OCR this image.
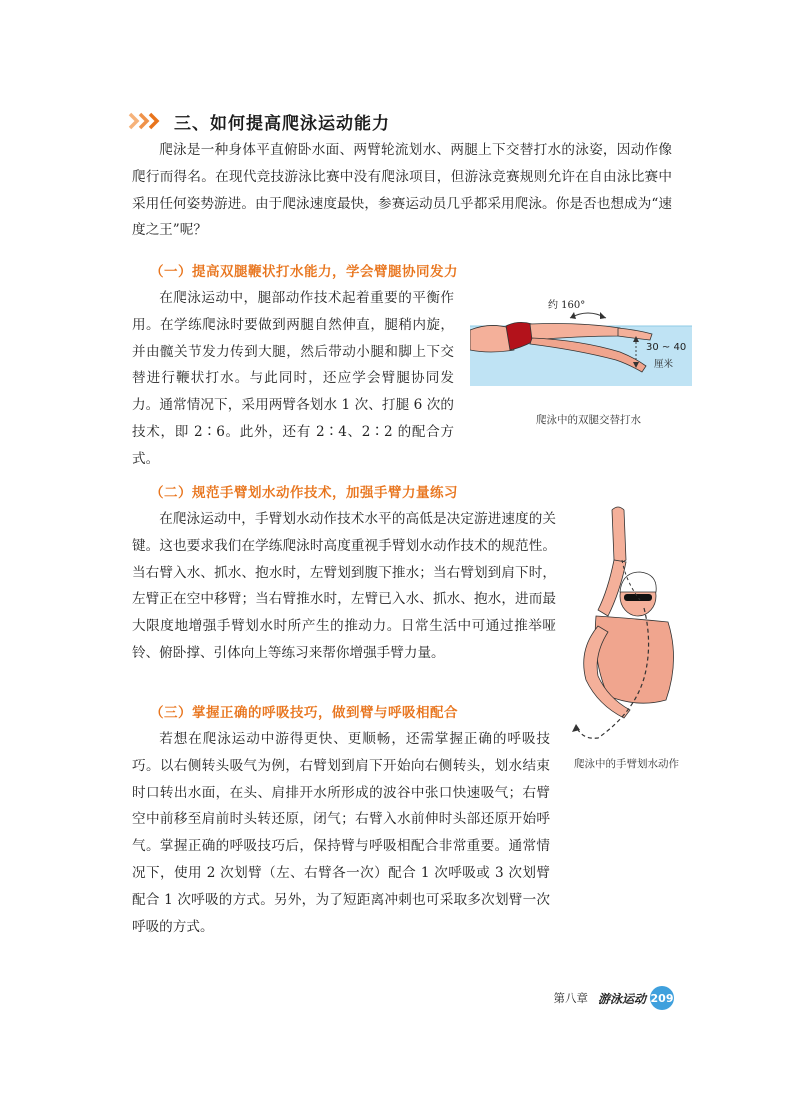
三、如何提高爬泳运动能力

爬泳是一种身体平直俯卧水面、两臂轮流划水、两腿上下交替打水的泳姿，因动作像爬行而得名。在现代竞技游泳比赛中没有爬泳项目，但游泳竞赛规则允许在自由泳比赛中采用任何姿势游进。由于爬泳速度最快，参赛运动员几乎都采用爬泳。你是否也想成为“速度之王”呢？

（一）提高双腿鞭状打水能力，学会臂腿协同发力

在爬泳运动中，腿部动作技术起着重要的平衡作用。在学练爬泳时要做到两腿自然伸直，腿稍内旋，并由髋关节发力传到大腿，然后带动小腿和脚上下交替进行鞭状打水。与此同时，还应学会臂腿协同发力。通常情况下，采用两臂各划水 1 次、打腿 6 次的技术，即 2∶6。此外，还有 2∶4、2∶2 的配合方式。

约 160°
30 ~ 40
厘米
爬泳中的双腿交替打水
（二）规范手臂划水动作技术，加强手臂力量练习

在爬泳运动中，手臂划水动作技术水平的高低是决定游进速度的关键。这也要求我们在学练爬泳时高度重视手臂划水动作技术的规范性。当右臂入水、抓水、抱水时，左臂划到腹下推水；当右臂划到肩下时，左臂正在空中移臂；当右臂推水时，左臂已入水、抓水、抱水，进而最大限度地增强手臂划水时所产生的推动力。日常生活中可通过推举哑铃、俯卧撑、引体向上等练习来帮你增强手臂力量。

爬泳中的手臂划水动作
（三）掌握正确的呼吸技巧，做到臂与呼吸相配合

若想在爬泳运动中游得更快、更顺畅，还需掌握正确的呼吸技巧。以右侧转头吸气为例，右臂划到肩下开始向右侧转头，划水结束时口转出水面，在头、肩排开水所形成的波谷中张口快速吸气；右臂空中前移至肩前时头转还原，闭气；右臂入水前伸时头部还原开始呼气。掌握正确的呼吸技巧后，保持臂与呼吸相配合非常重要。通常情况下，使用 2 次划臂（左、右臂各一次）配合 1 次呼吸或 3 次划臂配合 1 次呼吸的方式。另外，为了短距离冲刺也可采取多次划臂一次呼吸的方式。

第八章 游泳运动 209
